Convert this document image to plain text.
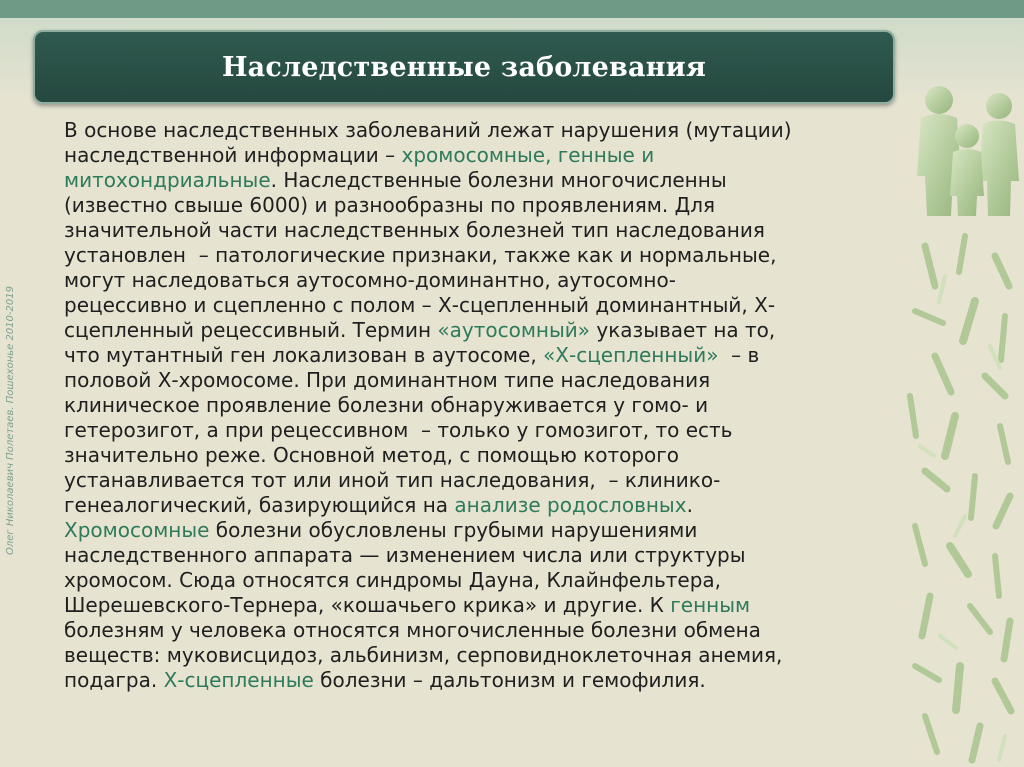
Наследственные заболевания
Олег Николаевич Полетаев. Пошехонье 2010-2019
В основе наследственных заболеваний лежат нарушения (мутации)
наследственной информации – хромосомные, генные и
митохондриальные. Наследственные болезни многочисленны
(известно свыше 6000) и разнообразны по проявлениям. Для
значительной части наследственных болезней тип наследования
установлен  – патологические признаки, также как и нормальные,
могут наследоваться аутосомно-доминантно, аутосомно-
рецессивно и сцепленно с полом – Х-сцепленный доминантный, Х-
сцепленный рецессивный. Термин «аутосомный» указывает на то,
что мутантный ген локализован в аутосоме, «Х-сцепленный»  – в
половой Х-хромосоме. При доминантном типе наследования
клиническое проявление болезни обнаруживается у гомо- и
гетерозигот, а при рецессивном  – только у гомозигот, то есть
значительно реже. Основной метод, с помощью которого
устанавливается тот или иной тип наследования,  – клинико-
генеалогический, базирующийся на анализе родословных.
Хромосомные болезни обусловлены грубыми нарушениями
наследственного аппарата — изменением числа или структуры
хромосом. Сюда относятся синдромы Дауна, Клайнфельтера,
Шерешевского-Тернера, «кошачьего крика» и другие. К генным
болезням у человека относятся многочисленные болезни обмена
веществ: муковисцидоз, альбинизм, серповидноклеточная анемия,
подагра. Х-сцепленные болезни – дальтонизм и гемофилия.
